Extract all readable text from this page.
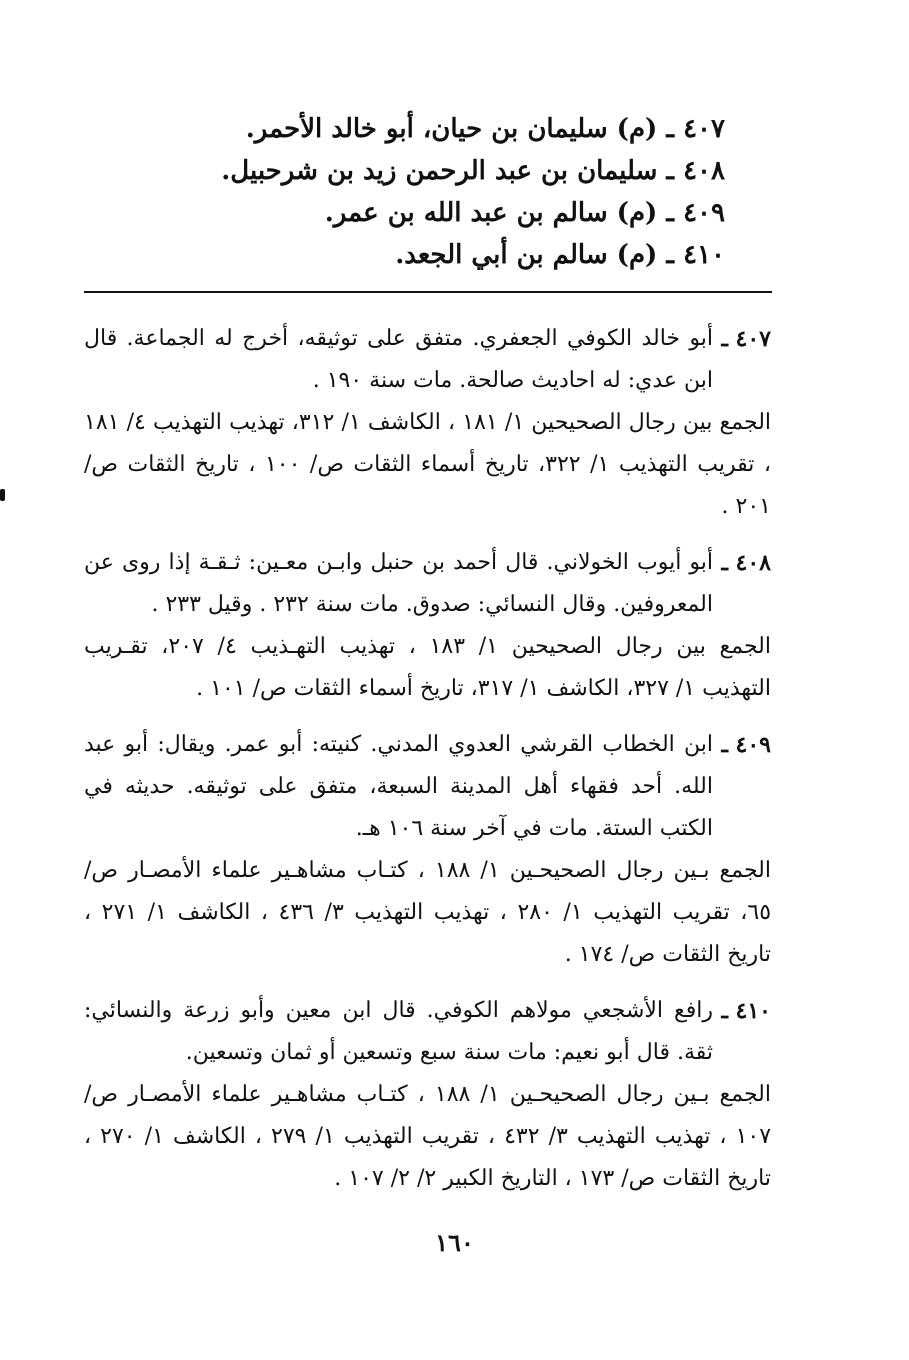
٤٠٧ ـ (م) سليمان بن حيان، أبو خالد الأحمر.
٤٠٨ ـ سليمان بن عبد الرحمن زيد بن شرحبيل.
٤٠٩ ـ (م) سالم بن عبد الله بن عمر.
٤١٠ ـ (م) سالم بن أبي الجعد.
٤٠٧ ـ
أبو خالد الكوفي الجعفري. متفق على توثيقه، أخرج له الجماعة. قال ابن عدي: له احاديث صالحة. مات سنة ١٩٠ .
الجمع بين رجال الصحيحين ١/ ١٨١ ، الكاشف ١/ ٣١٢، تهذيب التهذيب ٤/ ١٨١ ، تقريب التهذيب ١/ ٣٢٢، تاريخ أسماء الثقات ص/ ١٠٠ ، تاريخ الثقات ص/ ٢٠١ .
٤٠٨ ـ
أبو أيوب الخولاني. قال أحمد بن حنبل وابـن معـين: ثـقـة إذا روى عن المعروفين. وقال النسائي: صدوق. مات سنة ٢٣٢ . وقيل ٢٣٣ .
الجمع بين رجال الصحيحين ١/ ١٨٣ ، تهذيب التهـذيب ٤/ ٢٠٧، تقـريب التهذيب ١/ ٣٢٧، الكاشف ١/ ٣١٧، تاريخ أسماء الثقات ص/ ١٠١ .
٤٠٩ ـ
ابن الخطاب القرشي العدوي المدني. كنيته: أبو عمر. ويقال: أبو عبد الله. أحد فقهاء أهل المدينة السبعة، متفق على توثيقه. حديثه في الكتب الستة. مات في آخر سنة ١٠٦ هـ.
الجمع بـين رجال الصحيحـين ١/ ١٨٨ ، كتـاب مشاهـير علماء الأمصـار ص/ ٦٥، تقريب التهذيب ١/ ٢٨٠ ، تهذيب التهذيب ٣/ ٤٣٦ ، الكاشف ١/ ٢٧١ ، تاريخ الثقات ص/ ١٧٤ .
٤١٠ ـ
رافع الأشجعي مولاهم الكوفي. قال ابن معين وأبو زرعة والنسائي: ثقة. قال أبو نعيم: مات سنة سبع وتسعين أو ثمان وتسعين.
الجمع بـين رجال الصحيحـين ١/ ١٨٨ ، كتـاب مشاهـير علماء الأمصـار ص/ ١٠٧ ، تهذيب التهذيب ٣/ ٤٣٢ ، تقريب التهذيب ١/ ٢٧٩ ، الكاشف ١/ ٢٧٠ ، تاريخ الثقات ص/ ١٧٣ ، التاريخ الكبير ٢/ ٢/ ١٠٧ .
١٦٠
